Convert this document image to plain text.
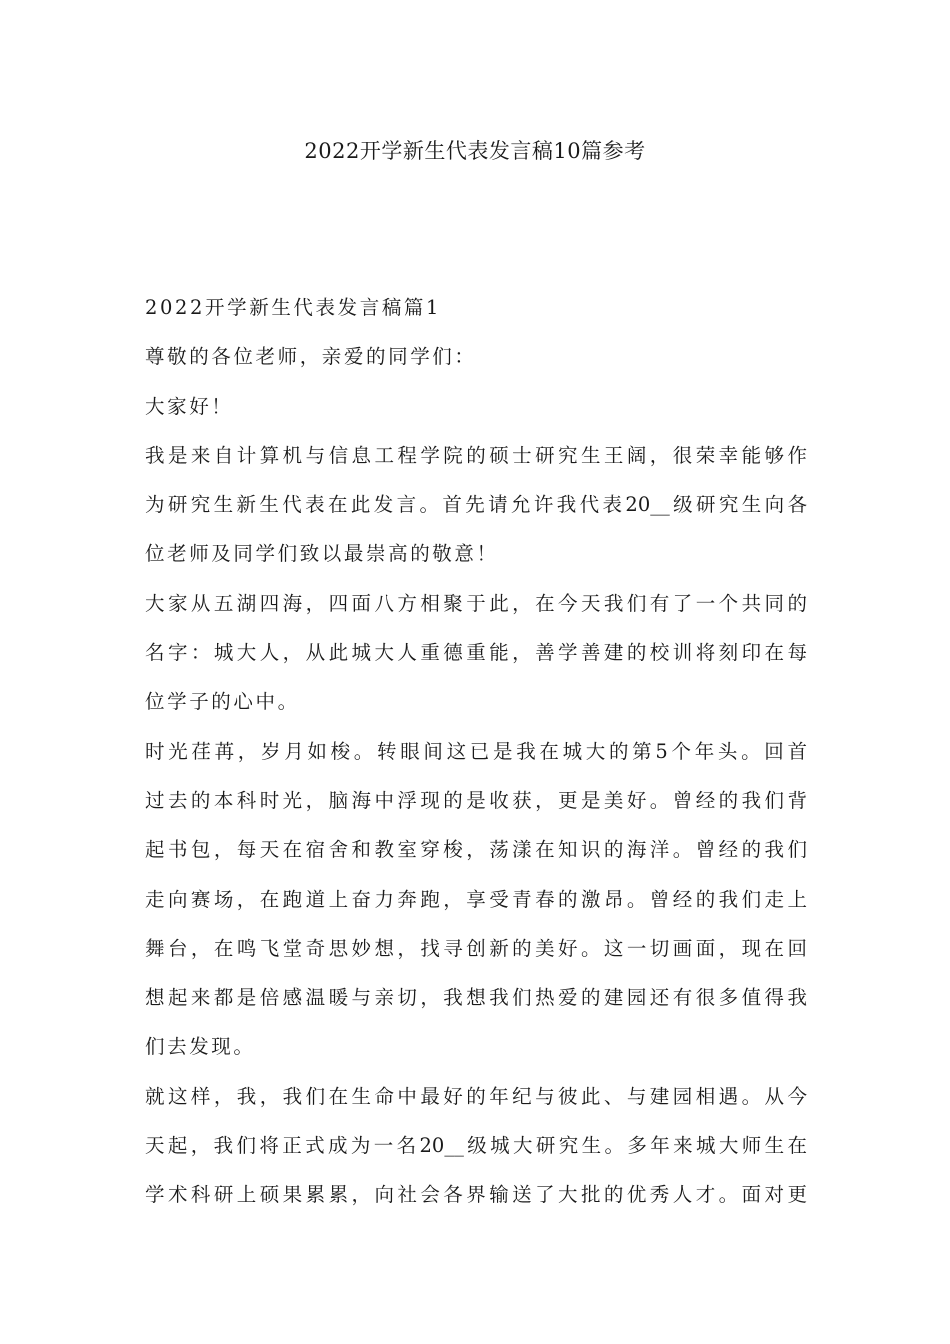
2022开学新生代表发言稿10篇参考

2022开学新生代表发言稿篇1

尊敬的各位老师，亲爱的同学们：

大家好！

我是来自计算机与信息工程学院的硕士研究生王阔，很荣幸能够作

为研究生新生代表在此发言。首先请允许我代表20__级研究生向各

位老师及同学们致以最崇高的敬意！

大家从五湖四海，四面八方相聚于此，在今天我们有了一个共同的

名字：城大人，从此城大人重德重能，善学善建的校训将刻印在每

位学子的心中。

时光荏苒，岁月如梭。转眼间这已是我在城大的第5个年头。回首

过去的本科时光，脑海中浮现的是收获，更是美好。曾经的我们背

起书包，每天在宿舍和教室穿梭，荡漾在知识的海洋。曾经的我们

走向赛场，在跑道上奋力奔跑，享受青春的激昂。曾经的我们走上

舞台，在鸣飞堂奇思妙想，找寻创新的美好。这一切画面，现在回

想起来都是倍感温暖与亲切，我想我们热爱的建园还有很多值得我

们去发现。

就这样，我，我们在生命中最好的年纪与彼此、与建园相遇。从今

天起，我们将正式成为一名20__级城大研究生。多年来城大师生在

学术科研上硕果累累，向社会各界输送了大批的优秀人才。面对更
